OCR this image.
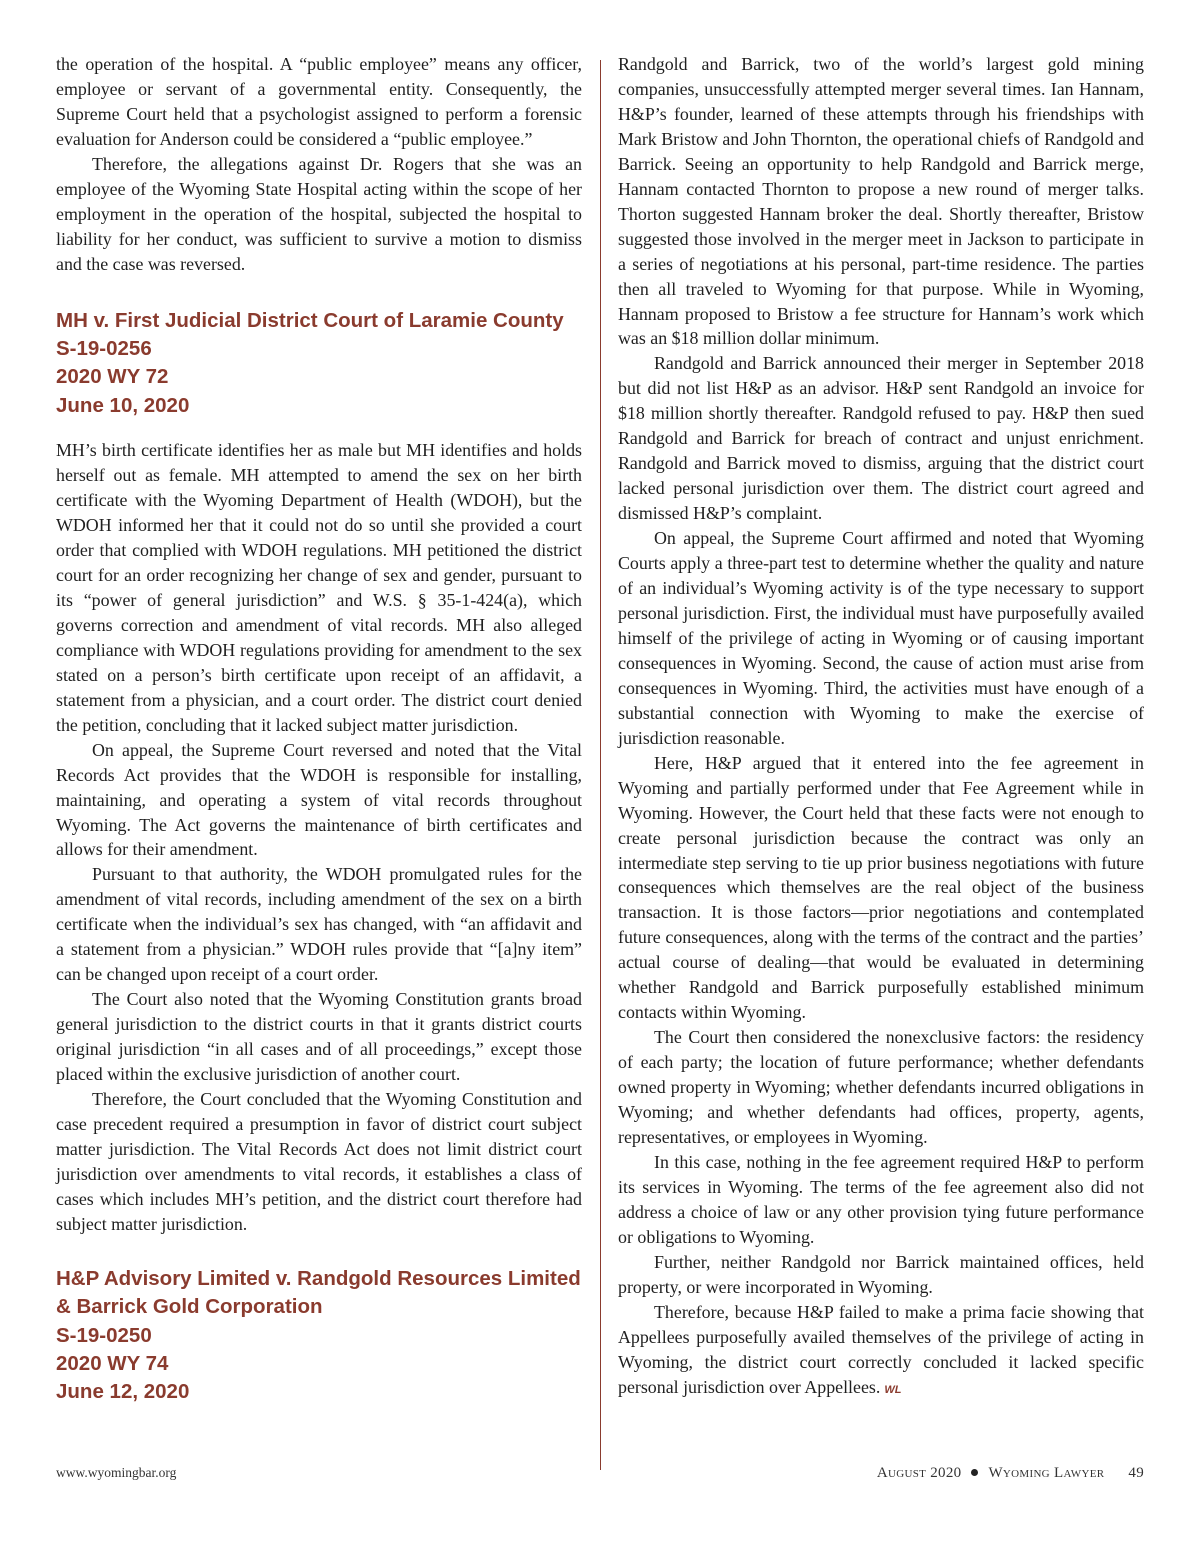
the operation of the hospital. A “public employee” means any officer, employee or servant of a governmental entity. Consequently, the Supreme Court held that a psychologist assigned to perform a forensic evaluation for Anderson could be considered a “public employee.”

Therefore, the allegations against Dr. Rogers that she was an employee of the Wyoming State Hospital acting within the scope of her employment in the operation of the hospital, subjected the hospital to liability for her conduct, was sufficient to survive a motion to dismiss and the case was reversed.

MH v. First Judicial District Court of Laramie County
S-19-0256
2020 WY 72
June 10, 2020

MH’s birth certificate identifies her as male but MH identifies and holds herself out as female. MH attempted to amend the sex on her birth certificate with the Wyoming Department of Health (WDOH), but the WDOH informed her that it could not do so until she provided a court order that complied with WDOH regulations. MH petitioned the district court for an order recognizing her change of sex and gender, pursuant to its “power of general jurisdiction” and W.S. § 35-1-424(a), which governs correction and amendment of vital records. MH also alleged compliance with WDOH regulations providing for amendment to the sex stated on a person’s birth certificate upon receipt of an affidavit, a statement from a physician, and a court order. The district court denied the petition, concluding that it lacked subject matter jurisdiction.

On appeal, the Supreme Court reversed and noted that the Vital Records Act provides that the WDOH is responsible for installing, maintaining, and operating a system of vital records throughout Wyoming. The Act governs the maintenance of birth certificates and allows for their amendment.

Pursuant to that authority, the WDOH promulgated rules for the amendment of vital records, including amendment of the sex on a birth certificate when the individual’s sex has changed, with “an affidavit and a statement from a physician.” WDOH rules provide that “[a]ny item” can be changed upon receipt of a court order.

The Court also noted that the Wyoming Constitution grants broad general jurisdiction to the district courts in that it grants district courts original jurisdiction “in all cases and of all proceedings,” except those placed within the exclusive jurisdiction of another court.

Therefore, the Court concluded that the Wyoming Constitution and case precedent required a presumption in favor of district court subject matter jurisdiction. The Vital Records Act does not limit district court jurisdiction over amendments to vital records, it establishes a class of cases which includes MH’s petition, and the district court therefore had subject matter jurisdiction.

H&P Advisory Limited v. Randgold Resources Limited & Barrick Gold Corporation
S-19-0250
2020 WY 74
June 12, 2020

Randgold and Barrick, two of the world’s largest gold mining companies, unsuccessfully attempted merger several times. Ian Hannam, H&P’s founder, learned of these attempts through his friendships with Mark Bristow and John Thornton, the operational chiefs of Randgold and Barrick. Seeing an opportunity to help Randgold and Barrick merge, Hannam contacted Thornton to propose a new round of merger talks. Thorton suggested Hannam broker the deal. Shortly thereafter, Bristow suggested those involved in the merger meet in Jackson to participate in a series of negotiations at his personal, part-time residence. The parties then all traveled to Wyoming for that purpose. While in Wyoming, Hannam proposed to Bristow a fee structure for Hannam’s work which was an $18 million dollar minimum.

Randgold and Barrick announced their merger in September 2018 but did not list H&P as an advisor. H&P sent Randgold an invoice for $18 million shortly thereafter. Randgold refused to pay. H&P then sued Randgold and Barrick for breach of contract and unjust enrichment. Randgold and Barrick moved to dismiss, arguing that the district court lacked personal jurisdiction over them. The district court agreed and dismissed H&P’s complaint.

On appeal, the Supreme Court affirmed and noted that Wyoming Courts apply a three-part test to determine whether the quality and nature of an individual’s Wyoming activity is of the type necessary to support personal jurisdiction. First, the individual must have purposefully availed himself of the privilege of acting in Wyoming or of causing important consequences in Wyoming. Second, the cause of action must arise from consequences in Wyoming. Third, the activities must have enough of a substantial connection with Wyoming to make the exercise of jurisdiction reasonable.

Here, H&P argued that it entered into the fee agreement in Wyoming and partially performed under that Fee Agreement while in Wyoming. However, the Court held that these facts were not enough to create personal jurisdiction because the contract was only an intermediate step serving to tie up prior business negotiations with future consequences which themselves are the real object of the business transaction. It is those factors—prior negotiations and contemplated future consequences, along with the terms of the contract and the parties’ actual course of dealing—that would be evaluated in determining whether Randgold and Barrick purposefully established minimum contacts within Wyoming.

The Court then considered the nonexclusive factors: the residency of each party; the location of future performance; whether defendants owned property in Wyoming; whether defendants incurred obligations in Wyoming; and whether defendants had offices, property, agents, representatives, or employees in Wyoming.

In this case, nothing in the fee agreement required H&P to perform its services in Wyoming. The terms of the fee agreement also did not address a choice of law or any other provision tying future performance or obligations to Wyoming.

Further, neither Randgold nor Barrick maintained offices, held property, or were incorporated in Wyoming.

Therefore, because H&P failed to make a prima facie showing that Appellees purposefully availed themselves of the privilege of acting in Wyoming, the district court correctly concluded it lacked specific personal jurisdiction over Appellees. WL

www.wyomingbar.org	August 2020 Wyoming Lawyer 49
